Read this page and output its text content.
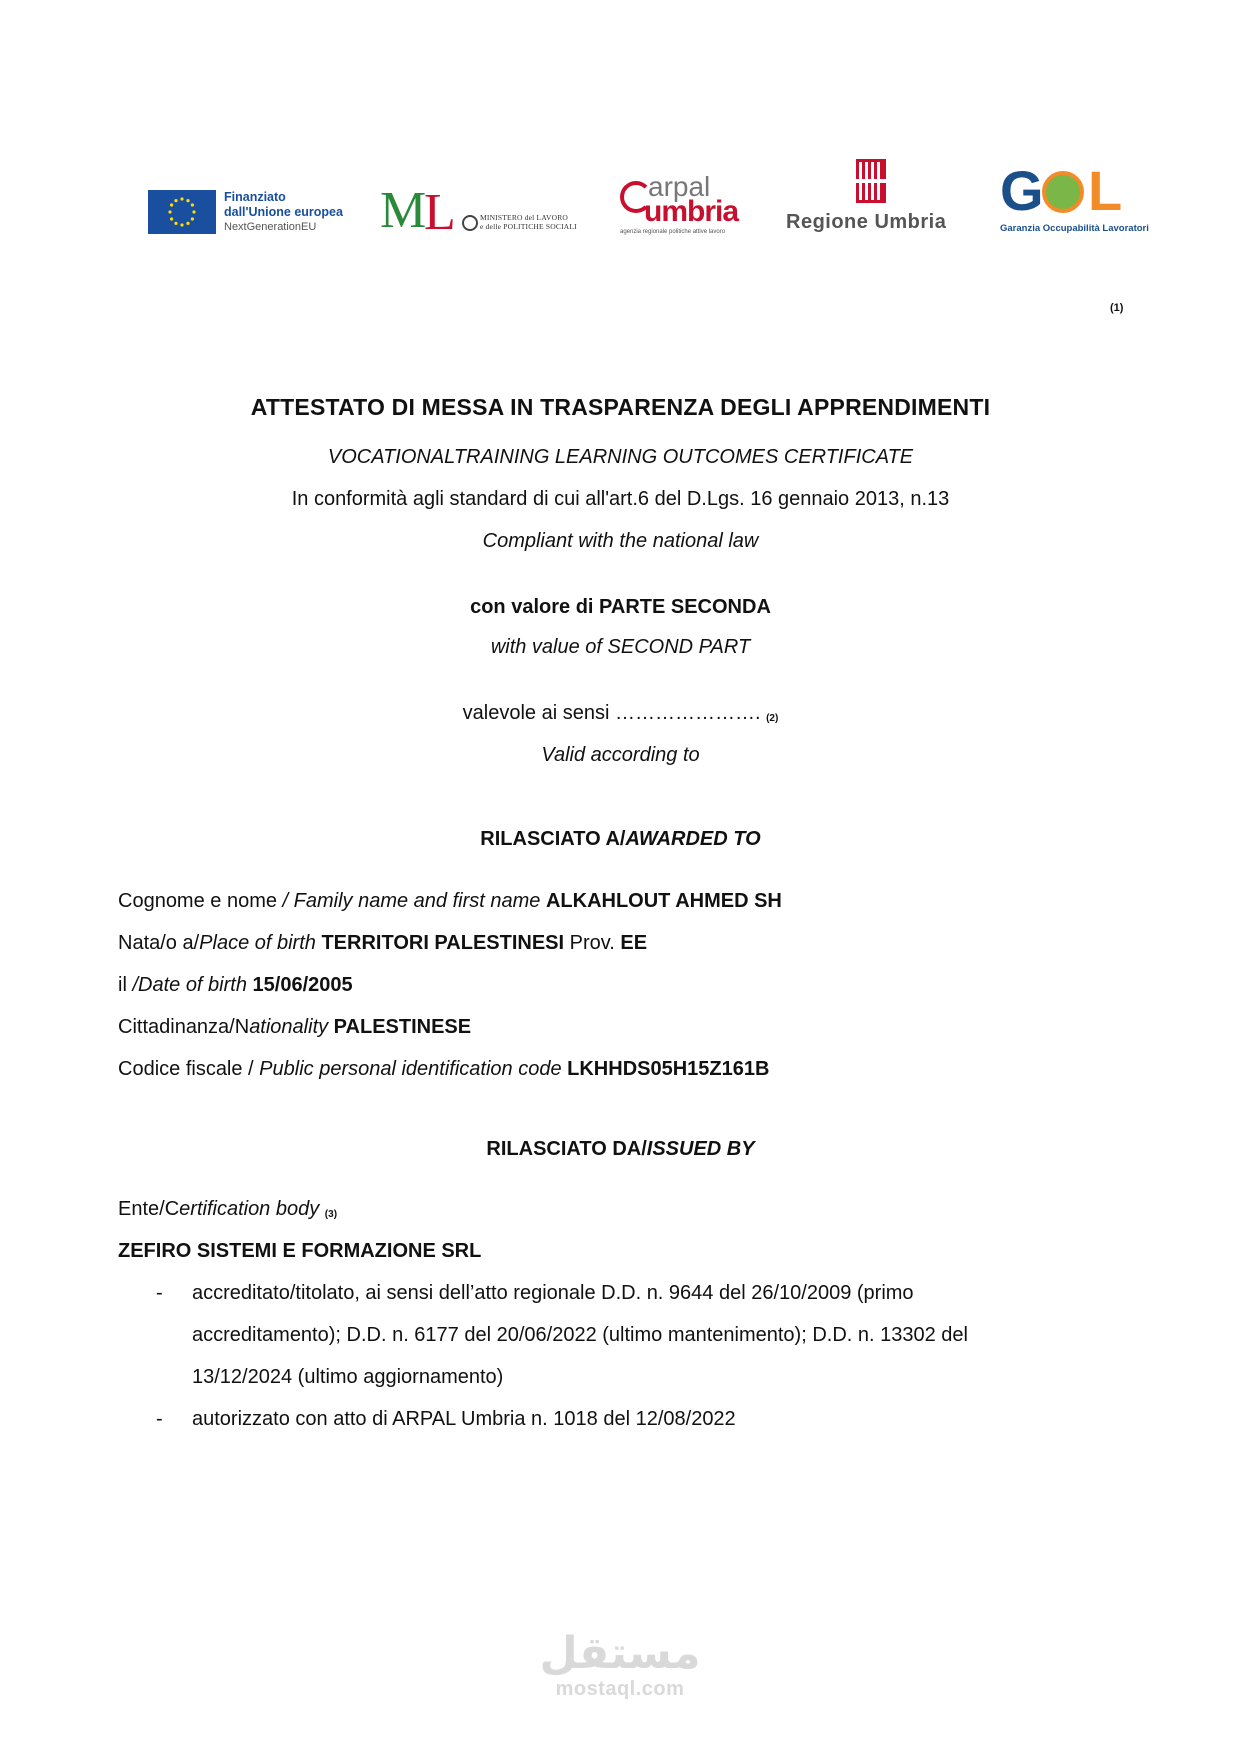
Finanziato
dall'Unione europea
NextGenerationEU	M
L	MINISTERO del LAVORO
e delle POLITICHE SOCIALI
arpal
umbria
agenzia regionale politiche attive lavoro	Regione Umbria G L
Garanzia Occupabilità Lavoratori
(1)
ATTESTATO DI MESSA IN TRASPARENZA DEGLI APPRENDIMENTI
VOCATIONALTRAINING LEARNING OUTCOMES CERTIFICATE
In conformità agli standard di cui all'art.6 del D.Lgs. 16 gennaio 2013, n.13
Compliant with the national law
con valore di PARTE SECONDA
with value of SECOND PART
valevole ai sensi …………………. $_{(2)}$
Valid according to
RILASCIATO A/AWARDED TO
Cognome e nome / Family name and first name ALKAHLOUT AHMED SH
Nata/o a/Place of birth TERRITORI PALESTINESI Prov. EE
il /Date of birth 15/06/2005
Cittadinanza/Nationality PALESTINESE
Codice fiscale / Public personal identification code LKHHDS05H15Z161B
RILASCIATO DA/ISSUED BY
Ente/Certification body $_{(3)}$
ZEFIRO SISTEMI E FORMAZIONE SRL
- accreditato/titolato, ai sensi dell’atto regionale D.D. n. 9644 del 26/10/2009 (primo
accreditamento); D.D. n. 6177 del 20/06/2022 (ultimo mantenimento); D.D. n. 13302 del
13/12/2024 (ultimo aggiornamento)
- autorizzato con atto di ARPAL Umbria n. 1018 del 12/08/2022
مستقل
mostaql.com
